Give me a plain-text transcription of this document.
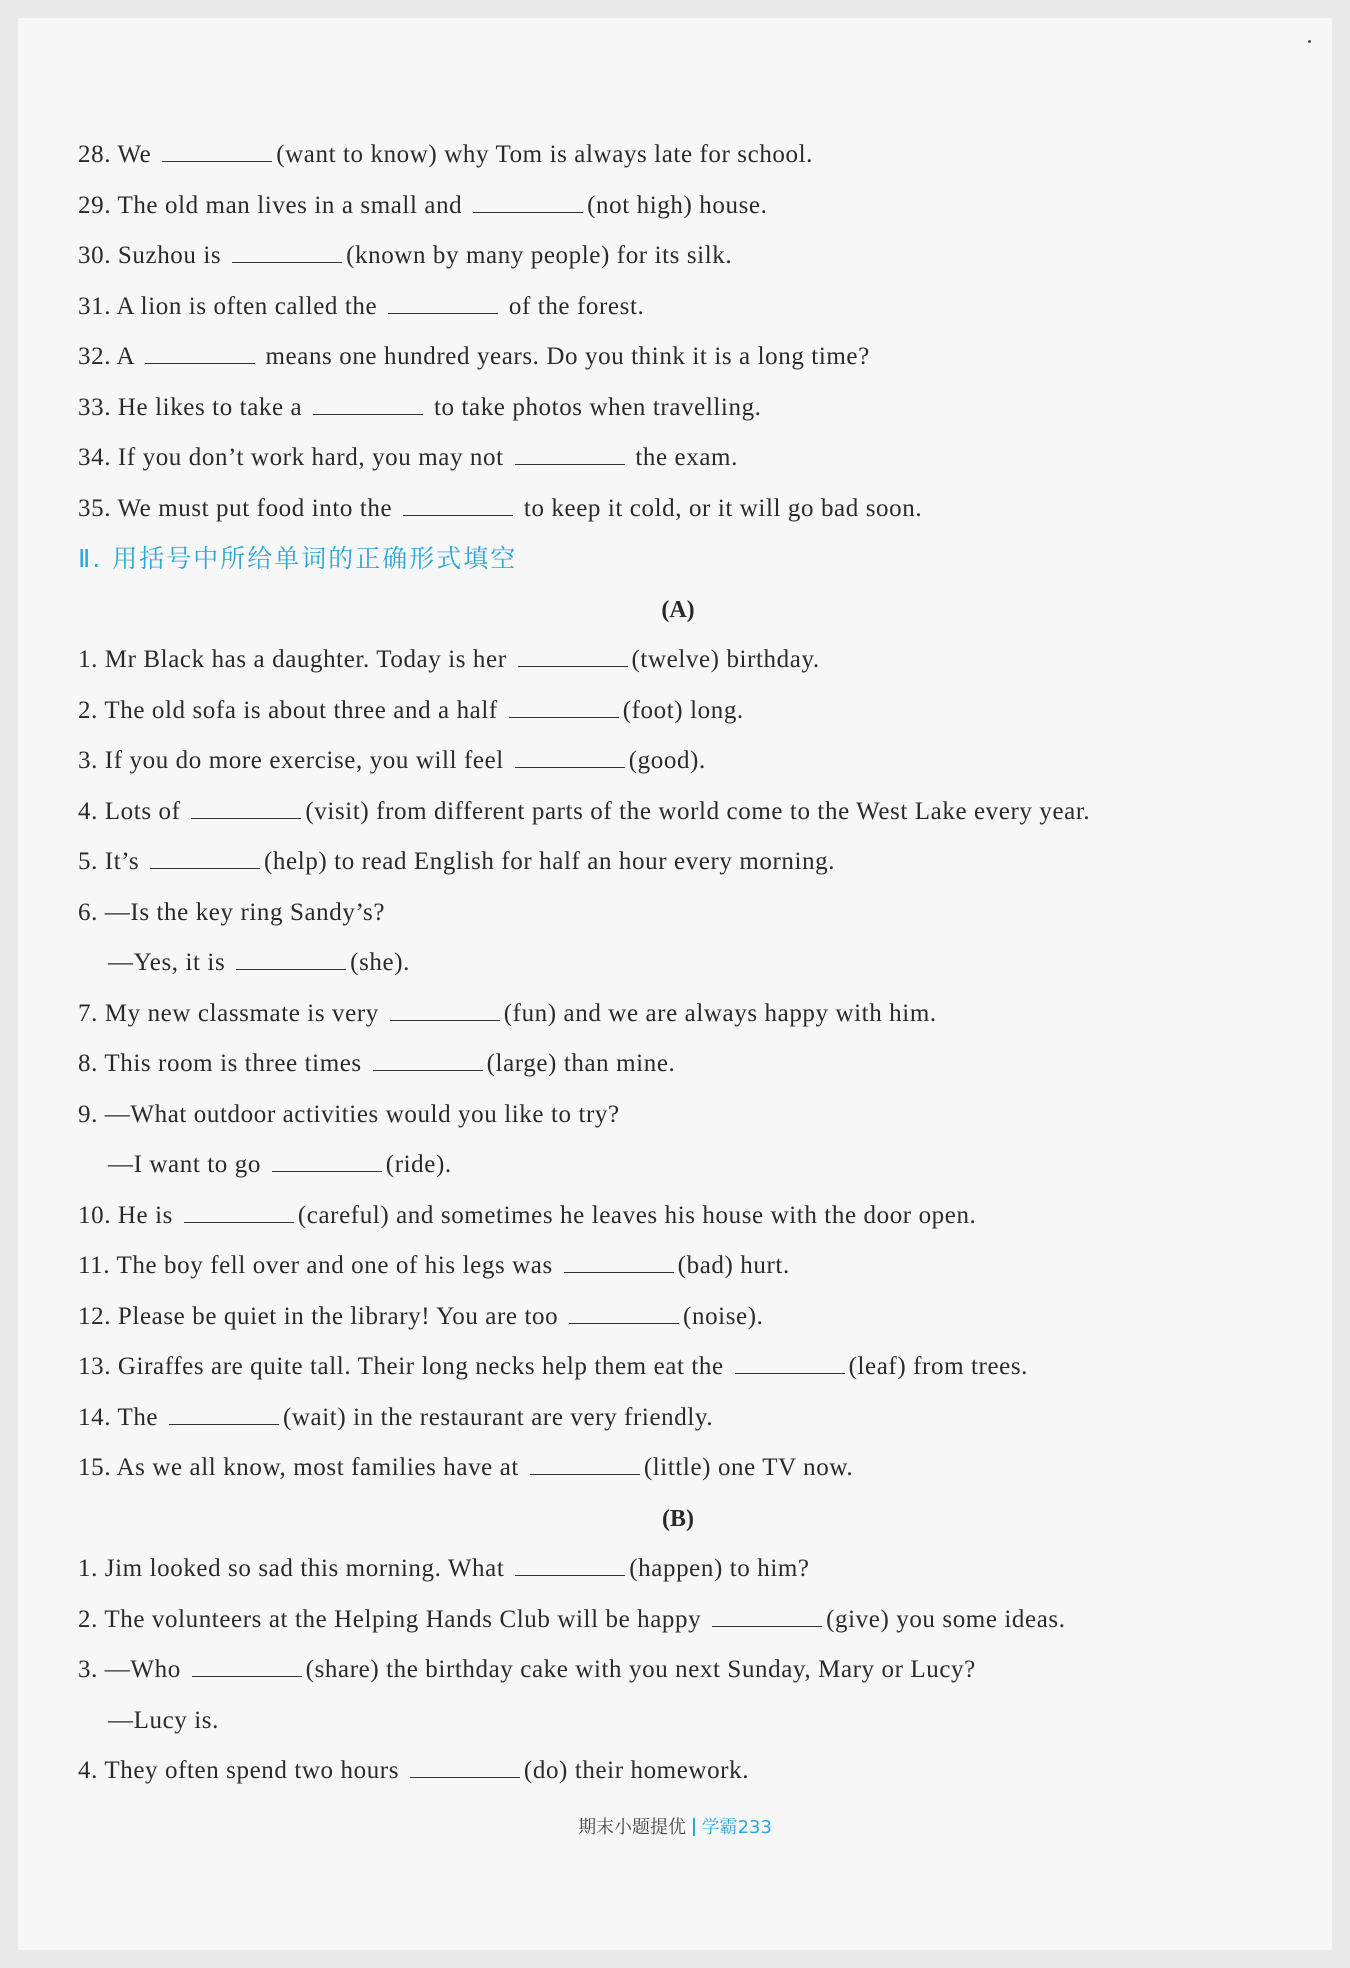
28. We	(want to know) why Tom is always late for school.
29. The old man lives in a small and	(not high) house.
30. Suzhou is	(known by many people) for its silk.
31. A lion is often called the	of the forest.
32. A	means one hundred years. Do you think it is a long time?
33. He likes to take a	to take photos when travelling.
34. If you don’t work hard, you may not	the exam.
35. We must put food into the	to keep it cold, or it will go bad soon.
Ⅱ. 用括号中所给单词的正确形式填空
(A)
1. Mr Black has a daughter. Today is her	(twelve) birthday.
2. The old sofa is about three and a half	(foot) long.
3. If you do more exercise, you will feel	(good).
4. Lots of	(visit) from different parts of the world come to the West Lake every year.
5. It’s	(help) to read English for half an hour every morning.
6. —Is the key ring Sandy’s?
—Yes, it is	(she).
7. My new classmate is very	(fun) and we are always happy with him.
8. This room is three times	(large) than mine.
9. —What outdoor activities would you like to try?
—I want to go	(ride).
10. He is	(careful) and sometimes he leaves his house with the door open.
11. The boy fell over and one of his legs was	(bad) hurt.
12. Please be quiet in the library! You are too	(noise).
13. Giraffes are quite tall. Their long necks help them eat the	(leaf) from trees.
14. The	(wait) in the restaurant are very friendly.
15. As we all know, most families have at	(little) one TV now.
(B)
1. Jim looked so sad this morning. What	(happen) to him?
2. The volunteers at the Helping Hands Club will be happy	(give) you some ideas.
3. —Who	(share) the birthday cake with you next Sunday, Mary or Lucy?
—Lucy is.
4. They often spend two hours	(do) their homework.
期末小题提优 学霸233
